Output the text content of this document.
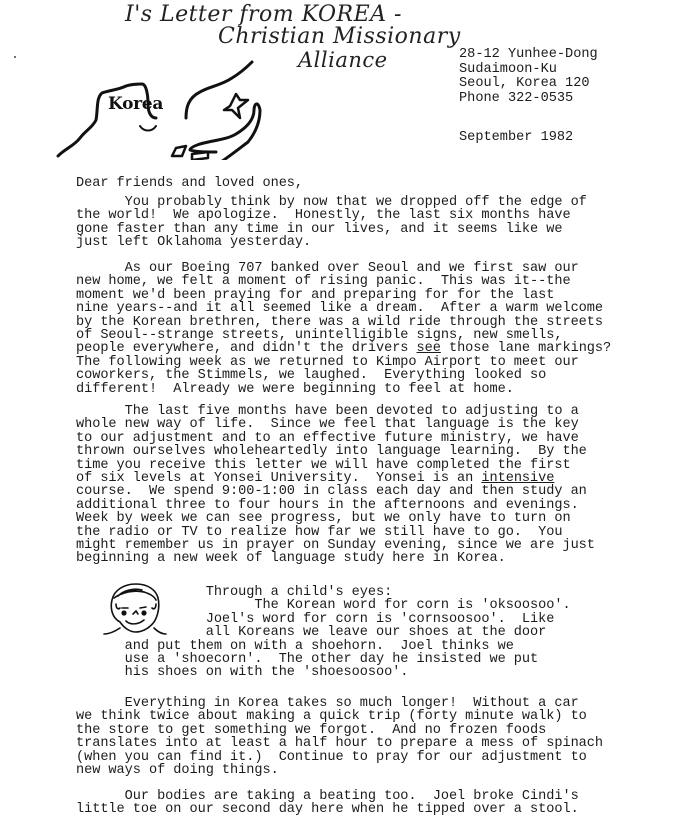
I's Letter from KOREA -
Christian Missionary
Alliance
Korea
28-12 Yunhee-Dong
Sudaimoon-Ku
Seoul, Korea 120
Phone 322-0535
September 1982
Dear friends and loved ones,
You probably think by now that we dropped off the edge of
the world!  We apologize.  Honestly, the last six months have
gone faster than any time in our lives, and it seems like we
just left Oklahoma yesterday.
As our Boeing 707 banked over Seoul and we first saw our
new home, we felt a moment of rising panic.  This was it--the
moment we'd been praying for and preparing for for the last
nine years--and it all seemed like a dream.  After a warm welcome
by the Korean brethren, there was a wild ride through the streets
of Seoul--strange streets, unintelligible signs, new smells,
people everywhere, and didn't the drivers see those lane markings?
The following week as we returned to Kimpo Airport to meet our
coworkers, the Stimmels, we laughed.  Everything looked so
different!  Already we were beginning to feel at home.
The last five months have been devoted to adjusting to a
whole new way of life.  Since we feel that language is the key
to our adjustment and to an effective future ministry, we have
thrown ourselves wholeheartedly into language learning.  By the
time you receive this letter we will have completed the first
of six levels at Yonsei University.  Yonsei is an intensive
course.  We spend 9:00-1:00 in class each day and then study an
additional three to four hours in the afternoons and evenings.
Week by week we can see progress, but we only have to turn on
the radio or TV to realize how far we still have to go.  You
might remember us in prayer on Sunday evening, since we are just
beginning a new week of language study here in Korea.
Through a child's eyes:
The Korean word for corn is 'oksoosoo'.
Joel's word for corn is 'cornsoosoo'.  Like
all Koreans we leave our shoes at the door
and put them on with a shoehorn.  Joel thinks we
use a 'shoecorn'.  The other day he insisted we put
his shoes on with the 'shoesoosoo'.
Everything in Korea takes so much longer!  Without a car
we think twice about making a quick trip (forty minute walk) to
the store to get something we forgot.  And no frozen foods
translates into at least a half hour to prepare a mess of spinach
(when you can find it.)  Continue to pray for our adjustment to
new ways of doing things.
Our bodies are taking a beating too.  Joel broke Cindi's
little toe on our second day here when he tipped over a stool.
